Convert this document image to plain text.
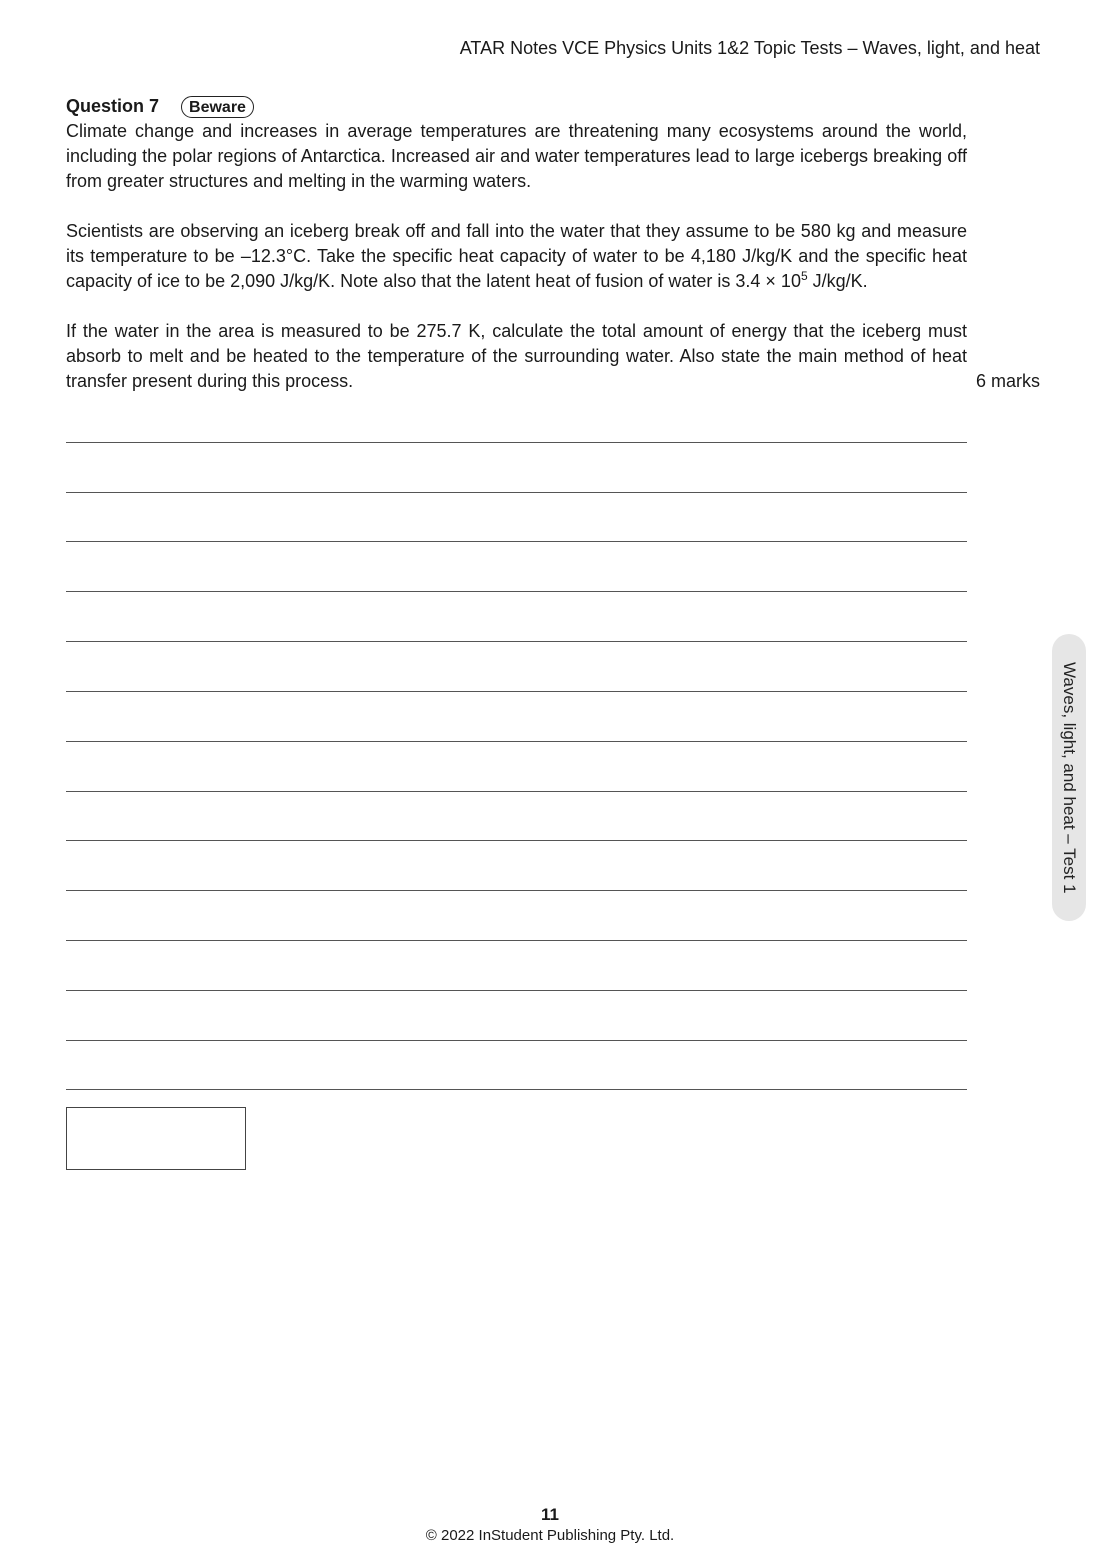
ATAR Notes VCE Physics Units 1&2 Topic Tests – Waves, light, and heat
Question 7	Beware

Climate change and increases in average temperatures are threatening many ecosystems around the world, including the polar regions of Antarctica. Increased air and water temperatures lead to large icebergs breaking off from greater structures and melting in the warming waters.

Scientists are observing an iceberg break off and fall into the water that they assume to be 580 kg and measure its temperature to be –12.3°C. Take the specific heat capacity of water to be 4,180 J/kg/K and the specific heat capacity of ice to be 2,090 J/kg/K. Note also that the latent heat of fusion of water is $3.4 \times 10^5$ J/kg/K.

If the water in the area is measured to be 275.7 K, calculate the total amount of energy that the iceberg must absorb to melt and be heated to the temperature of the surrounding water. Also state the main method of heat transfer present during this process.	6 marks
Waves, light, and heat – Test 1
11
© 2022 InStudent Publishing Pty. Ltd.
